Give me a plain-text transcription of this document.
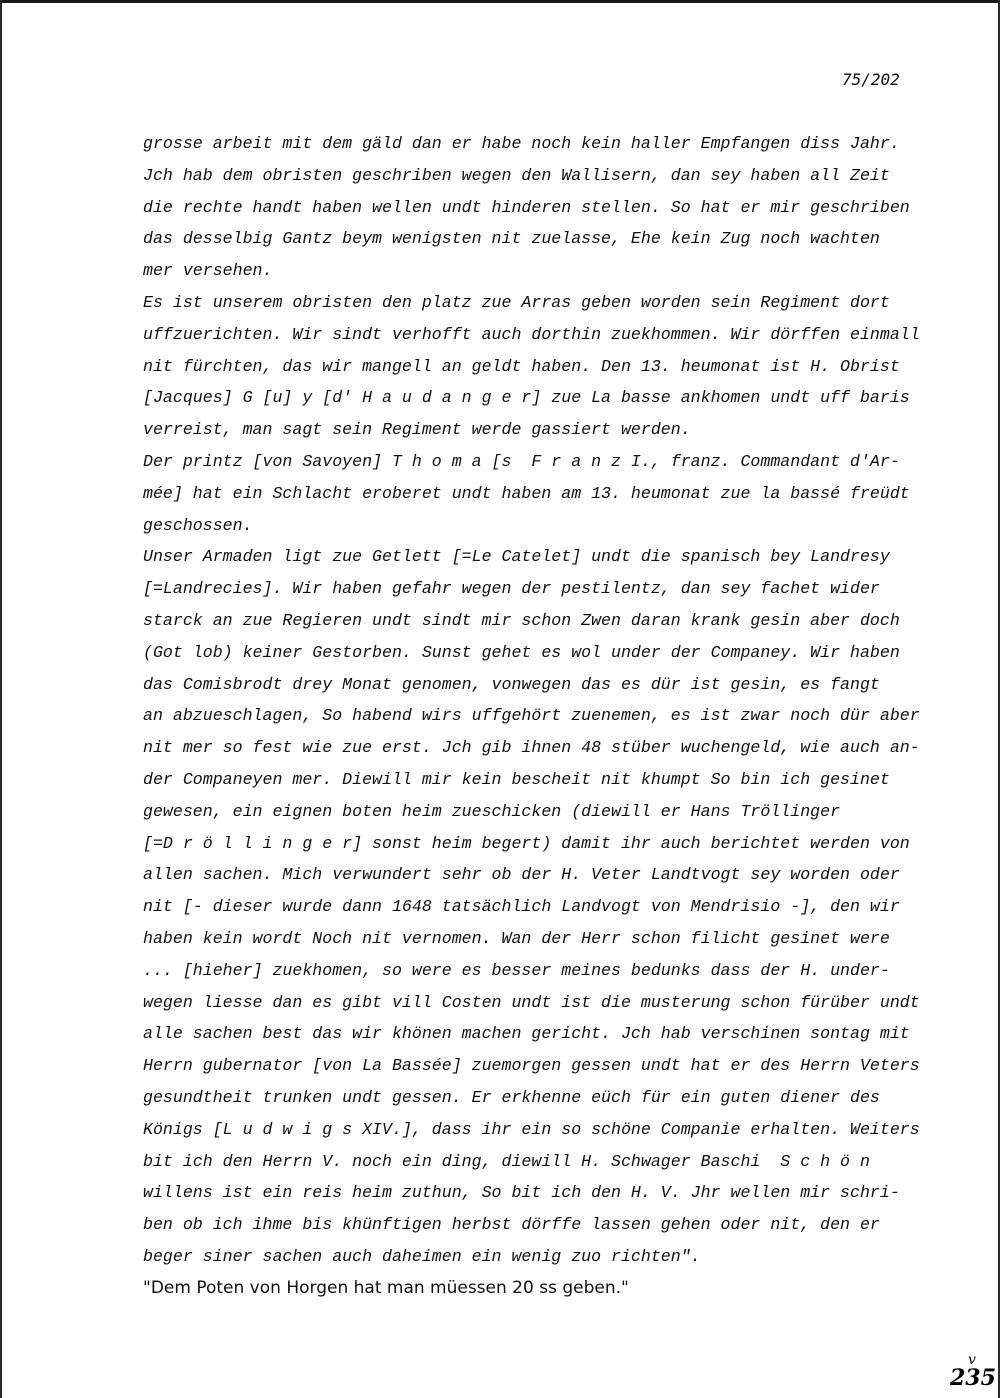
75/202
grosse arbeit mit dem gäld dan er habe noch kein haller Empfangen diss Jahr.
Jch hab dem obristen geschriben wegen den Wallisern, dan sey haben all Zeit
die rechte handt haben wellen undt hinderen stellen. So hat er mir geschriben
das desselbig Gantz beym wenigsten nit zuelasse, Ehe kein Zug noch wachten
mer versehen.
Es ist unserem obristen den platz zue Arras geben worden sein Regiment dort
uffzuerichten. Wir sindt verhofft auch dorthin zuekhommen. Wir dörffen einmall
nit fürchten, das wir mangell an geldt haben. Den 13. heumonat ist H. Obrist
[Jacques] G [u] y [d' H a u d a n g e r] zue La basse ankhomen undt uff baris
verreist, man sagt sein Regiment werde gassiert werden.
Der printz [von Savoyen] T h o m a [s  F r a n z I., franz. Commandant d'Ar-
mée] hat ein Schlacht eroberet undt haben am 13. heumonat zue la bassé freüdt
geschossen.
Unser Armaden ligt zue Getlett [=Le Catelet] undt die spanisch bey Landresy
[=Landrecies]. Wir haben gefahr wegen der pestilentz, dan sey fachet wider
starck an zue Regieren undt sindt mir schon Zwen daran krank gesin aber doch
(Got lob) keiner Gestorben. Sunst gehet es wol under der Companey. Wir haben
das Comisbrodt drey Monat genomen, vonwegen das es dür ist gesin, es fangt
an abzueschlagen, So habend wirs uffgehört zuenemen, es ist zwar noch dür aber
nit mer so fest wie zue erst. Jch gib ihnen 48 stüber wuchengeld, wie auch an-
der Companeyen mer. Diewill mir kein bescheit nit khumpt So bin ich gesinet
gewesen, ein eignen boten heim zueschicken (diewill er Hans Tröllinger
[=D r ö l l i n g e r] sonst heim begert) damit ihr auch berichtet werden von
allen sachen. Mich verwundert sehr ob der H. Veter Landtvogt sey worden oder
nit [- dieser wurde dann 1648 tatsächlich Landvogt von Mendrisio -], den wir
haben kein wordt Noch nit vernomen. Wan der Herr schon filicht gesinet were
... [hieher] zuekhomen, so were es besser meines bedunks dass der H. under-
wegen liesse dan es gibt vill Costen undt ist die musterung schon fürüber undt
alle sachen best das wir khönen machen gericht. Jch hab verschinen sontag mit
Herrn gubernator [von La Bassée] zuemorgen gessen undt hat er des Herrn Veters
gesundtheit trunken undt gessen. Er erkhenne eüch für ein guten diener des
Königs [L u d w i g s XIV.], dass ihr ein so schöne Companie erhalten. Weiters
bit ich den Herrn V. noch ein ding, diewill H. Schwager Baschi  S c h ö n
willens ist ein reis heim zuthun, So bit ich den H. V. Jhr wellen mir schri-
ben ob ich ihme bis khünftigen herbst dörffe lassen gehen oder nit, den er
beger siner sachen auch daheimen ein wenig zuo richten".
"Dem Poten von Horgen hat man müessen 20 ss geben."
v
235
